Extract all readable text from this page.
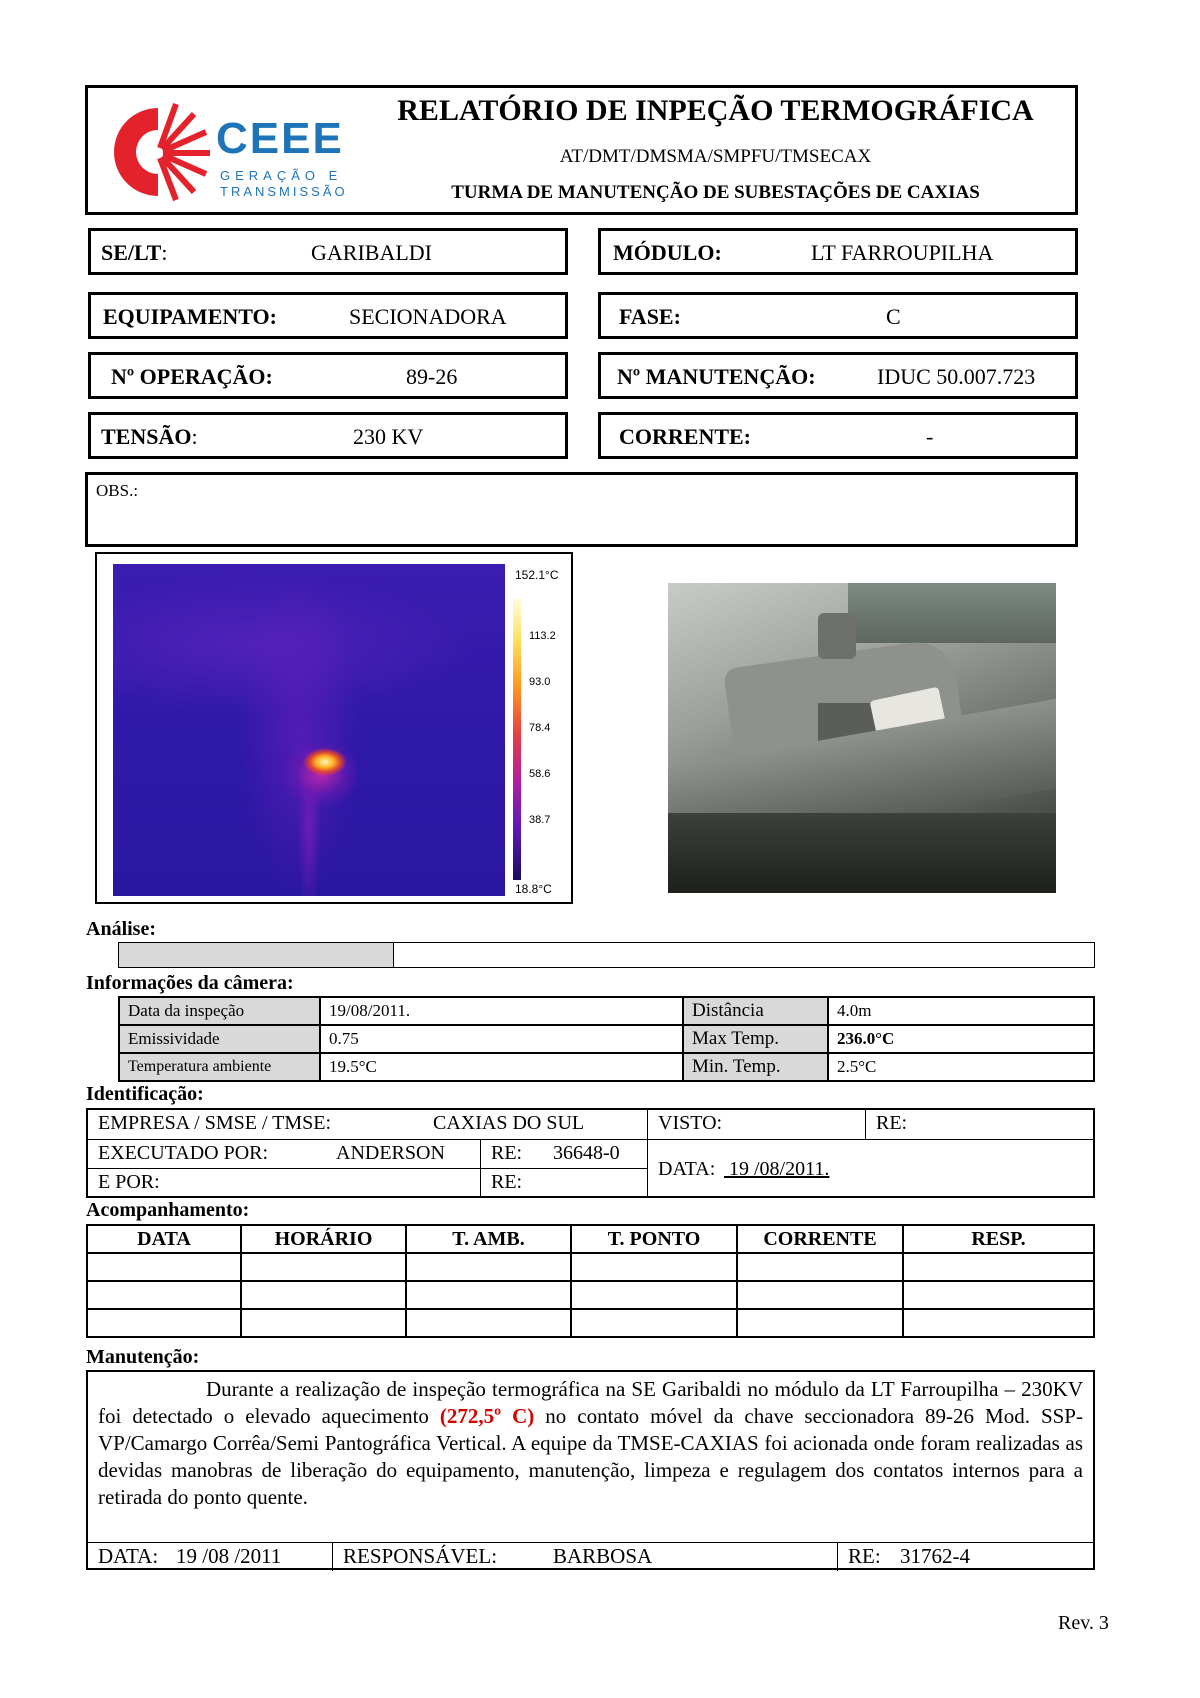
CEEE
GERAÇÃO E
TRANSMISSÃO
RELATÓRIO DE INPEÇÃO TERMOGRÁFICA
AT/DMT/DMSMA/SMPFU/TMSECAX
TURMA DE MANUTENÇÃO DE SUBESTAÇÕES DE CAXIAS
SE/LT:	GARIBALDI	MÓDULO:	LT FARROUPILHA
EQUIPAMENTO:	SECIONADORA	FASE:	C
Nº OPERAÇÃO:	89-26	Nº MANUTENÇÃO:	IDUC 50.007.723
TENSÃO:	230 KV	CORRENTE:	-
OBS.:
152.1°C
113.2
93.0
78.4
58.6
38.7
18.8°C
Análise:
Informações da câmera:
Data da inspeção	19/08/2011.	Distância	4.0m
Emissividade	0.75	Max Temp.	236.0°C
Temperatura ambiente	19.5°C	Min. Temp.	2.5°C
Identificação:
EMPRESA / SMSE / TMSE:	CAXIAS DO SUL	VISTO:	RE:
EXECUTADO POR:	ANDERSON RE: 36648-0
E POR:	RE:
DATA: 19 /08/2011.
Acompanhamento:
DATA	HORÁRIO	T. AMB.	T. PONTO	CORRENTE	RESP.

Manutenção:
Durante a realização de inspeção termográfica na SE Garibaldi no módulo da LT Farroupilha – 230KV foi detectado o elevado aquecimento (272,5º C) no contato móvel da chave seccionadora 89-26 Mod. SSP-VP/Camargo Corrêa/Semi Pantográfica Vertical. A equipe da TMSE-CAXIAS foi acionada onde foram realizadas as devidas manobras de liberação do equipamento, manutenção, limpeza e regulagem dos contatos internos para a retirada do ponto quente.
DATA: 19 /08 /2011	RESPONSÁVEL:	BARBOSA	RE: 31762-4
Rev. 3
